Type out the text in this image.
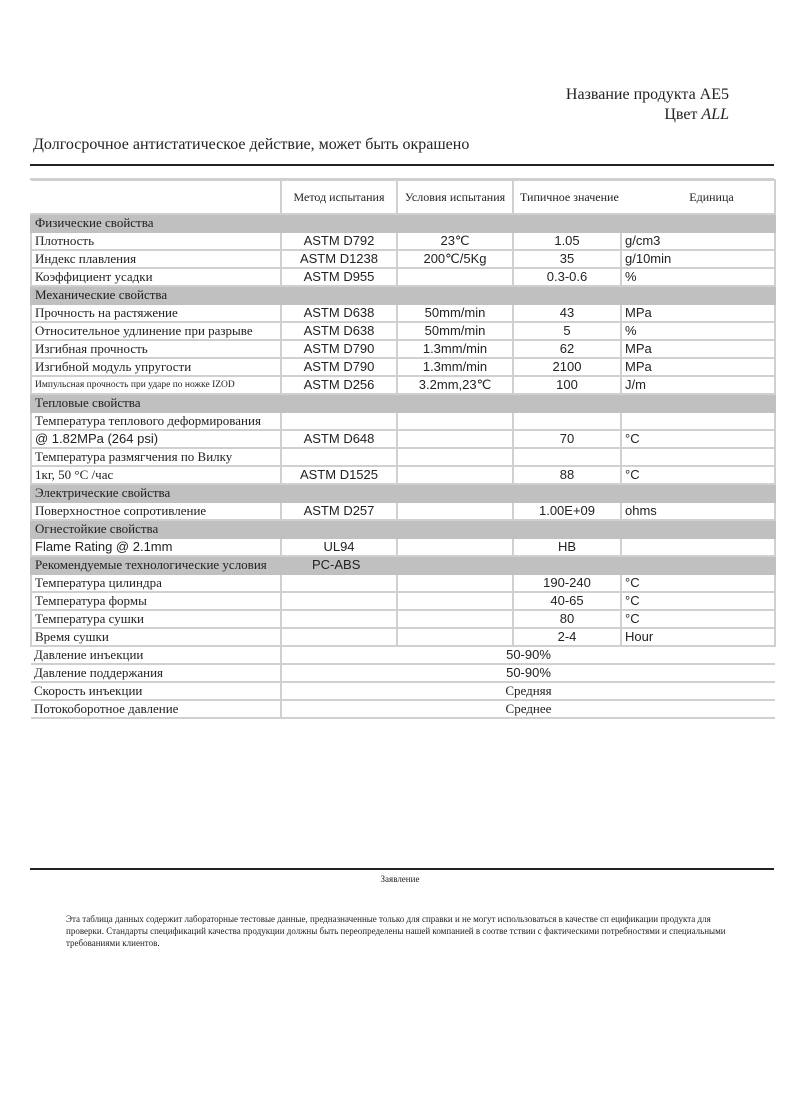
Название продукта AE5
Цвет ALL
Долгосрочное антистатическое действие, может быть окрашено
	Метод испытания	Условия испытания	Типичное значение	Единица
Физические свойства				
Плотность	ASTM D792	23℃	1.05	g/cm3
Индекс плавления	ASTM D1238	200℃/5Kg	35	g/10min
Коэффициент усадки	ASTM D955		0.3-0.6	%
Механические свойства				
Прочность на растяжение	ASTM D638	50mm/min	43	MPa
Относительное удлинение при разрыве	ASTM D638	50mm/min	5	%
Изгибная прочность	ASTM D790	1.3mm/min	62	MPa
Изгибной модуль упругости	ASTM D790	1.3mm/min	2100	MPa
Импульсная прочность при ударе по ножке IZOD	ASTM D256	3.2mm,23℃	100	J/m
Тепловые свойства				
Температура теплового деформирования				
@ 1.82MPa (264 psi)	ASTM D648		70	°C
Температура размягчения по Вилку				
1кг, 50 °C /час	ASTM D1525		88	°C
Электрические свойства				
Поверхностное сопротивление	ASTM D257		1.00E+09	ohms
Огнестойкие свойства				
Flame Rating @ 2.1mm	UL94		HB	
Рекомендуемые технологические условия	PC-ABS			
Температура цилиндра			190-240	°C
Температура формы			40-65	°C
Температура сушки			80	°C
Время сушки			2-4	Hour
Давление инъекции	50-90%			
Давление поддержания	50-90%			
Скорость инъекции	Средняя			
Потокоборотное давление	Среднее			
Заявление
Эта таблица данных содержит лабораторные тестовые данные, предназначенные только для справки и не могут использоваться в качестве сп ецификации продукта для проверки. Стандарты спецификаций качества продукции должны быть переопределены нашей компанией в соотве тствии с фактическими потребностями и специальными требованиями клиентов.
